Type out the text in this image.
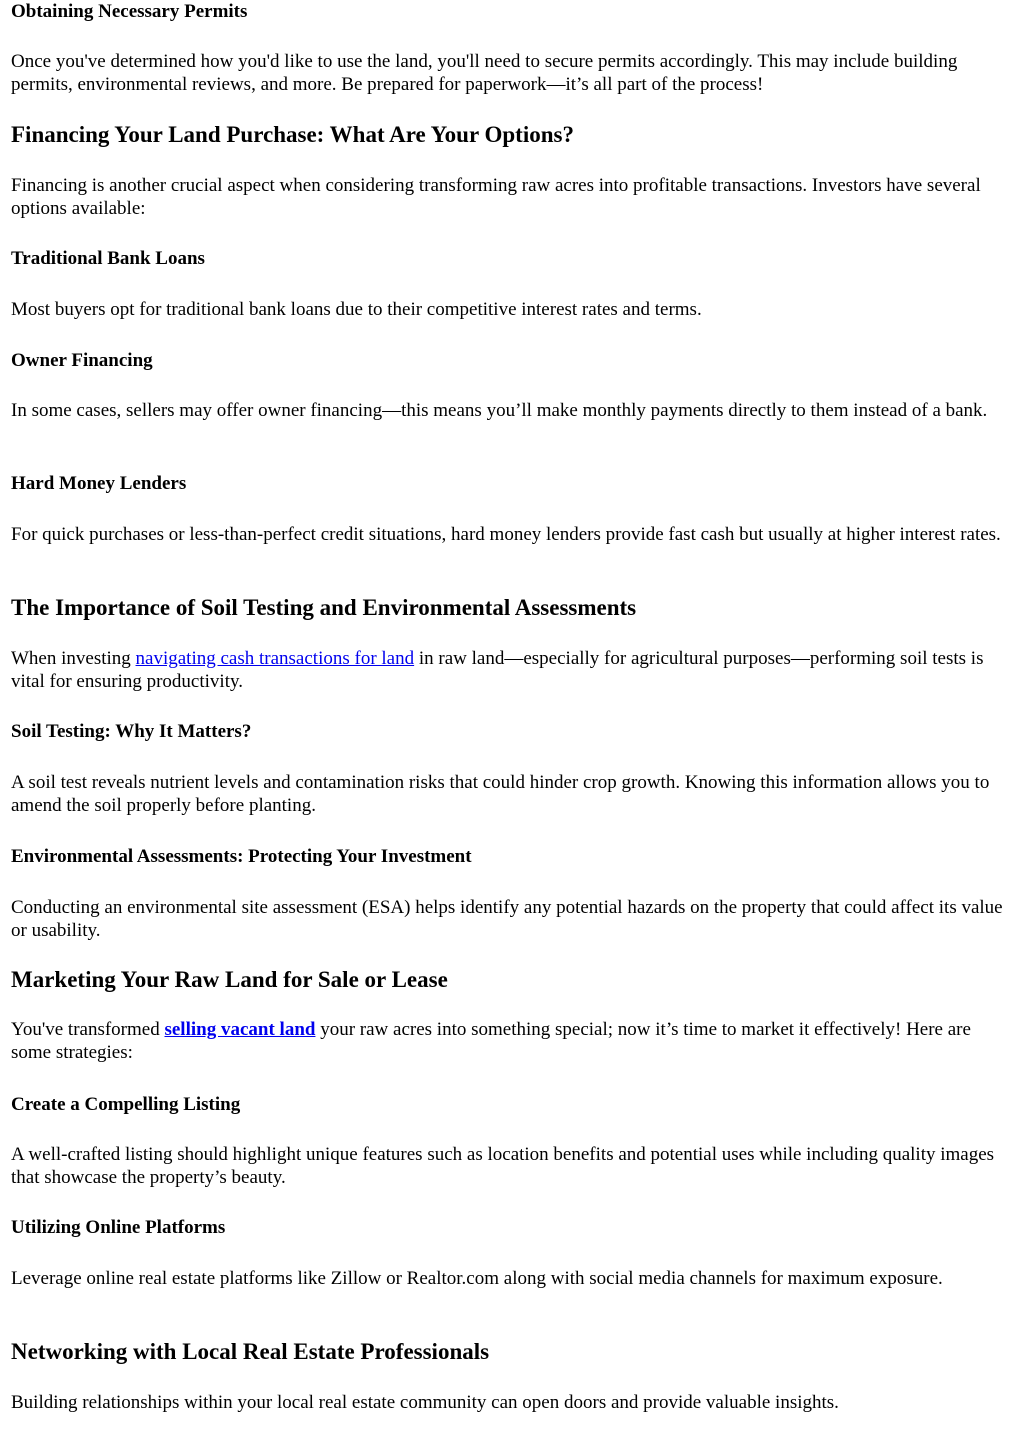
Obtaining Necessary Permits

Once you've determined how you'd like to use the land, you'll need to secure permits accordingly. This may include building permits, environmental reviews, and more. Be prepared for paperwork—it’s all part of the process!

Financing Your Land Purchase: What Are Your Options?

Financing is another crucial aspect when considering transforming raw acres into profitable transactions. Investors have several options available:

Traditional Bank Loans

Most buyers opt for traditional bank loans due to their competitive interest rates and terms.

Owner Financing

In some cases, sellers may offer owner financing—this means you’ll make monthly payments directly to them instead of a bank.

Hard Money Lenders

For quick purchases or less-than-perfect credit situations, hard money lenders provide fast cash but usually at higher interest rates.

The Importance of Soil Testing and Environmental Assessments

When investing navigating cash transactions for land in raw land—especially for agricultural purposes—performing soil tests is vital for ensuring productivity.

Soil Testing: Why It Matters?

A soil test reveals nutrient levels and contamination risks that could hinder crop growth. Knowing this information allows you to amend the soil properly before planting.

Environmental Assessments: Protecting Your Investment

Conducting an environmental site assessment (ESA) helps identify any potential hazards on the property that could affect its value or usability.

Marketing Your Raw Land for Sale or Lease

You've transformed selling vacant land your raw acres into something special; now it’s time to market it effectively! Here are some strategies:

Create a Compelling Listing

A well-crafted listing should highlight unique features such as location benefits and potential uses while including quality images that showcase the property’s beauty.

Utilizing Online Platforms

Leverage online real estate platforms like Zillow or Realtor.com along with social media channels for maximum exposure.

Networking with Local Real Estate Professionals

Building relationships within your local real estate community can open doors and provide valuable insights.
